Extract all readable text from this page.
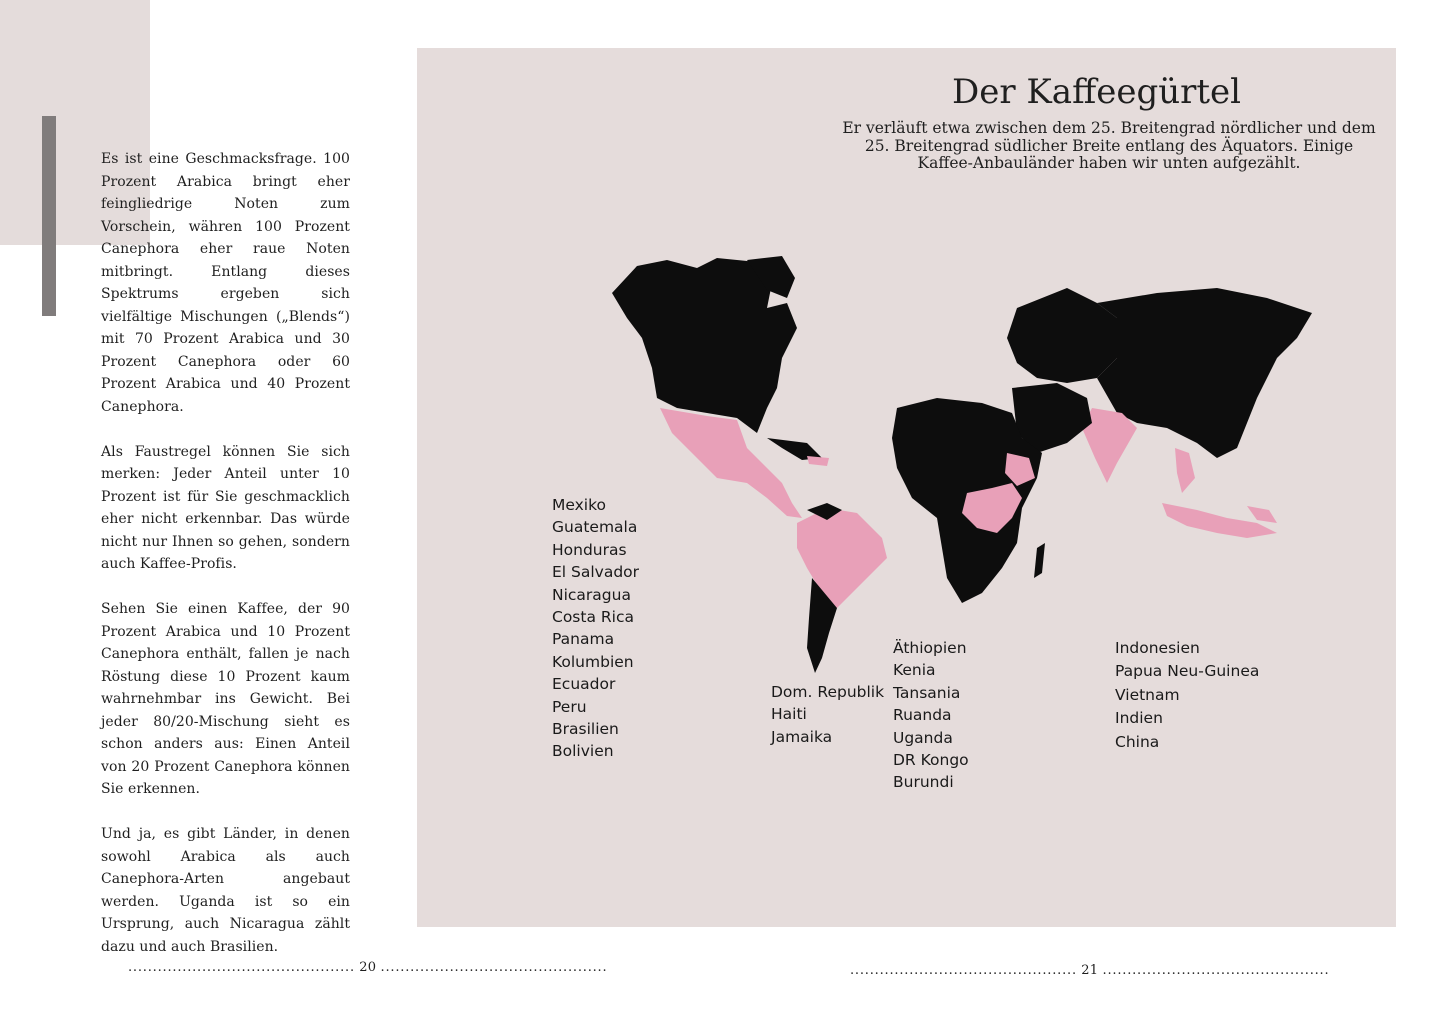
Es ist eine Geschmacksfrage. 100 Prozent Arabica bringt eher feingliedrige Noten zum Vorschein, währen 100 Prozent Canephora eher raue Noten mitbringt. Entlang dieses Spektrums ergeben sich vielfältige Mischungen („Blends“) mit 70 Prozent Arabica und 30 Prozent Canephora oder 60 Prozent Arabica und 40 Prozent Canephora.

Als Faustregel können Sie sich merken: Jeder Anteil unter 10 Prozent ist für Sie geschmacklich eher nicht erkennbar. Das würde nicht nur Ihnen so gehen, sondern auch Kaffee-Profis.

Sehen Sie einen Kaffee, der 90 Prozent Arabica und 10 Prozent Canephora enthält, fallen je nach Röstung diese 10 Prozent kaum wahrnehmbar ins Gewicht. Bei jeder 80/20-Mischung sieht es schon anders aus: Einen Anteil von 20 Prozent Canephora können Sie erkennen.

Und ja, es gibt Länder, in denen sowohl Arabica als auch Canephora-Arten angebaut werden. Uganda ist so ein Ursprung, auch Nicaragua zählt dazu und auch Brasilien.

Der Kaffeegürtel

Er verläuft etwa zwischen dem 25. Breitengrad nördlicher und dem 25. Breitengrad südlicher Breite entlang des Äquators. Einige Kaffee-Anbauländer haben wir unten aufgezählt.

Mexiko
Guatemala
Honduras
El Salvador
Nicaragua
Costa Rica
Panama
Kolumbien
Ecuador
Peru
Brasilien
Bolivien
Dom. Republik
Haiti
Jamaika
Äthiopien
Kenia
Tansania
Ruanda
Uganda
DR Kongo
Burundi
Indonesien
Papua Neu-Guinea
Vietnam
Indien
China
.............................................. 20 ..............................................	.............................................. 21 ..............................................
